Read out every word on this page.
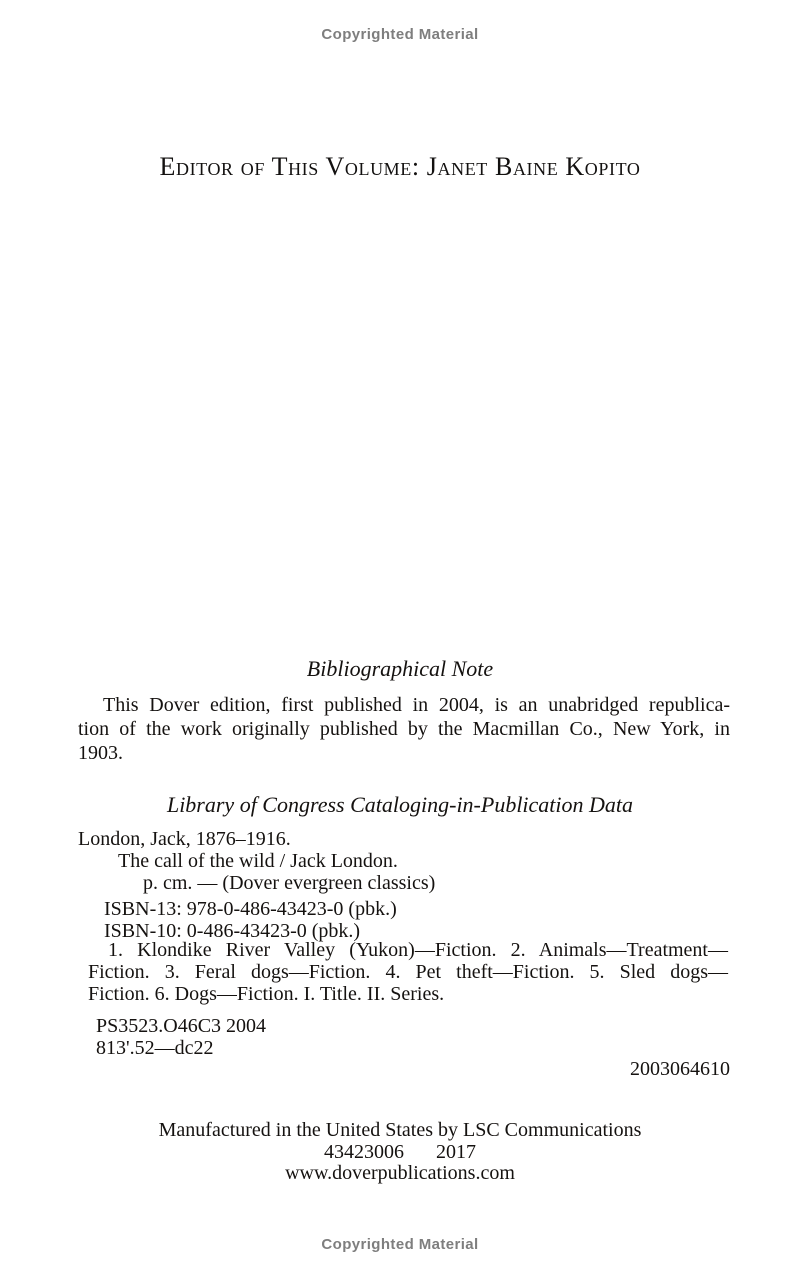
Copyrighted Material
Editor of This Volume: Janet Baine Kopito
Bibliographical Note
This Dover edition, first published in 2004, is an unabridged republica-
tion of the work originally published by the Macmillan Co., New York, in
1903.
Library of Congress Cataloging-in-Publication Data
London, Jack, 1876–1916.
The call of the wild / Jack London.
p. cm. — (Dover evergreen classics)
ISBN-13: 978-0-486-43423-0 (pbk.)
ISBN-10: 0-486-43423-0 (pbk.)
1. Klondike River Valley (Yukon)—Fiction. 2. Animals—Treatment—
Fiction. 3. Feral dogs—Fiction. 4. Pet theft—Fiction. 5. Sled dogs—
Fiction. 6. Dogs—Fiction. I. Title. II. Series.
PS3523.O46C3 2004
813'.52—dc22
2003064610
Manufactured in the United States by LSC Communications
43423006 2017
www.doverpublications.com
Copyrighted Material
